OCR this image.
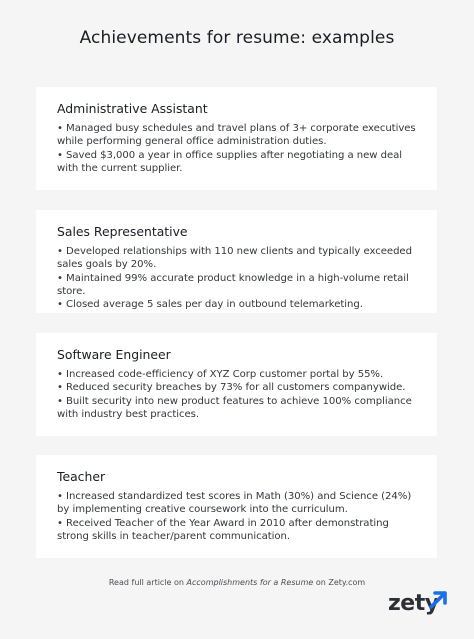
Achievements for resume: examples
Administrative Assistant
• Managed busy schedules and travel plans of 3+ corporate executives while performing general office administration duties.
• Saved $3,000 a year in office supplies after negotiating a new deal with the current supplier.
Sales Representative
• Developed relationships with 110 new clients and typically exceeded sales goals by 20%.
• Maintained 99% accurate product knowledge in a high-volume retail store.
• Closed average 5 sales per day in outbound telemarketing.
Software Engineer
• Increased code-efficiency of XYZ Corp customer portal by 55%.
• Reduced security breaches by 73% for all customers companywide.
• Built security into new product features to achieve 100% compliance with industry best practices.
Teacher
• Increased standardized test scores in Math (30%) and Science (24%) by implementing creative coursework into the curriculum.
• Received Teacher of the Year Award in 2010 after demonstrating strong skills in teacher/parent communication.
Read full article on Accomplishments for a Resume on Zety.com
zety
